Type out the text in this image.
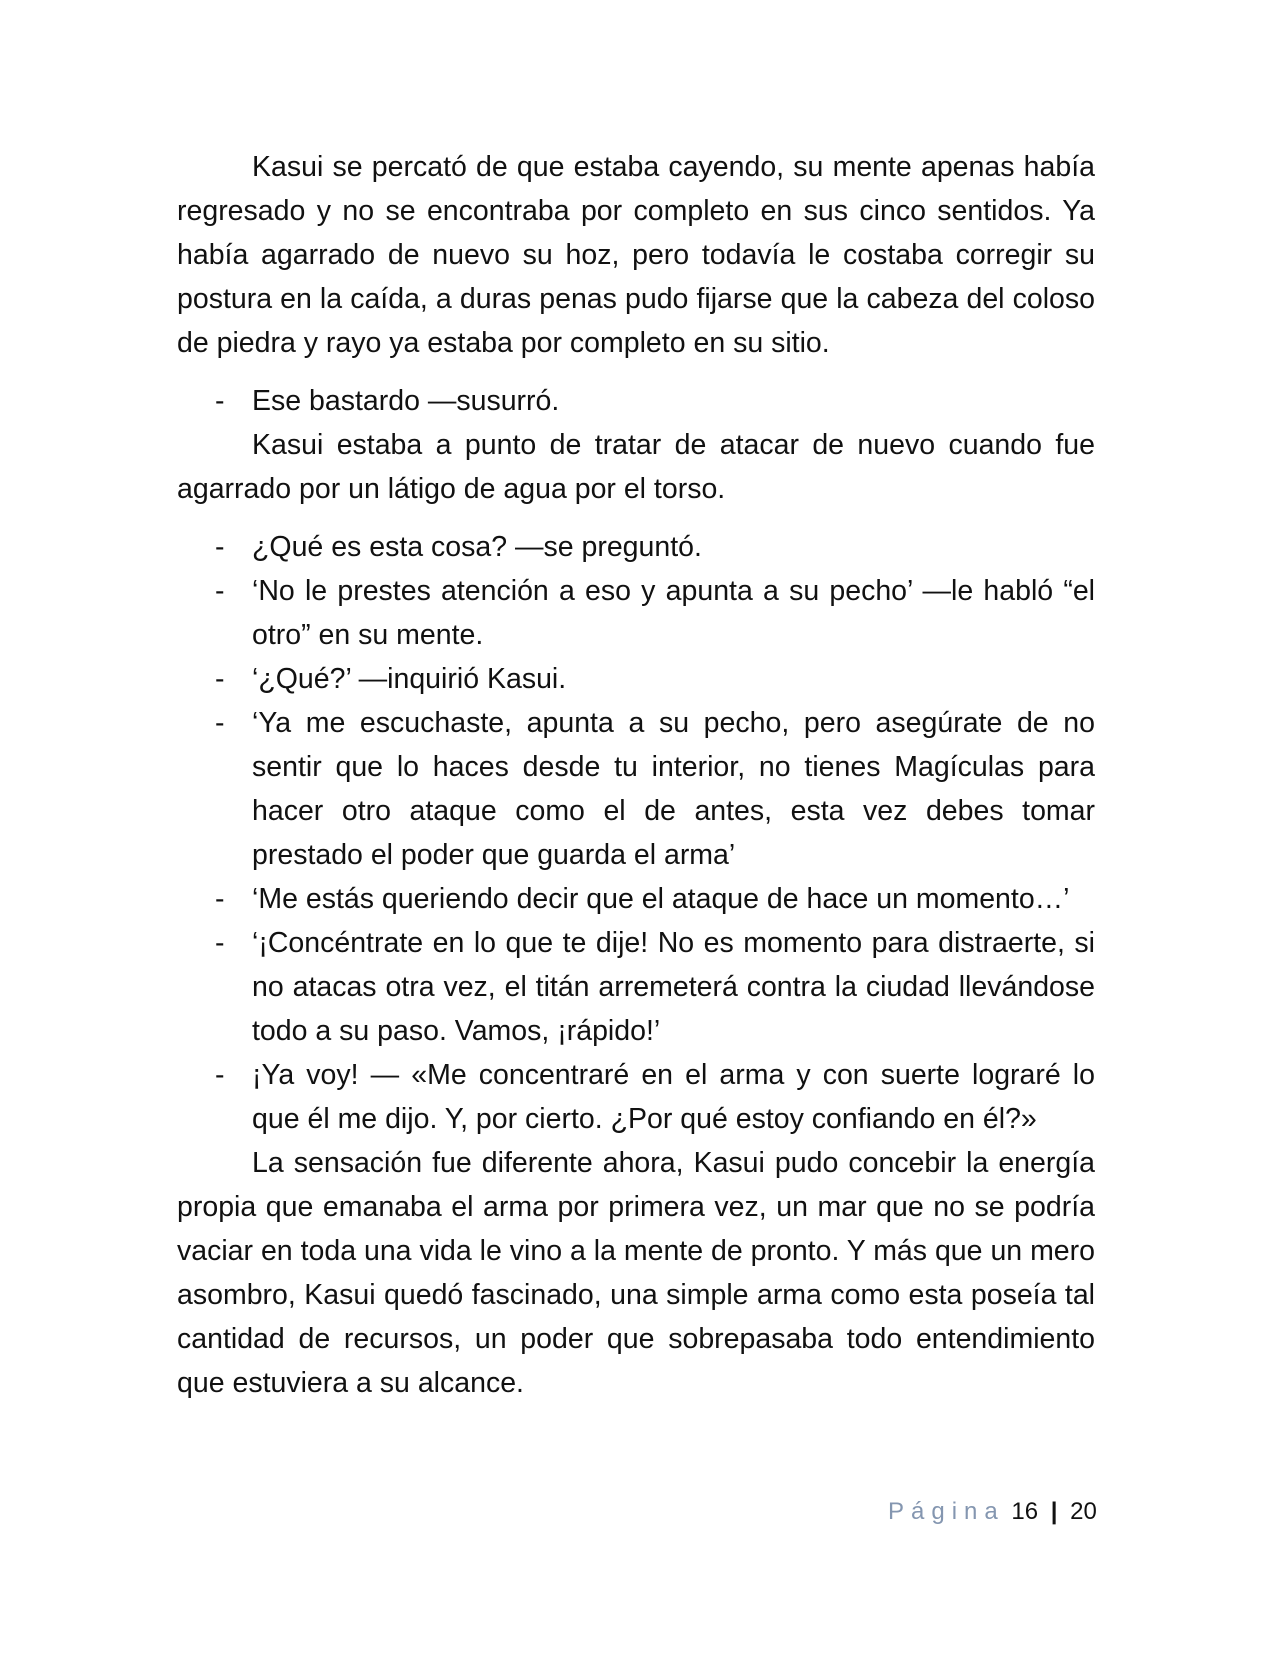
Kasui se percató de que estaba cayendo, su mente apenas había regresado y no se encontraba por completo en sus cinco sentidos. Ya había agarrado de nuevo su hoz, pero todavía le costaba corregir su postura en la caída, a duras penas pudo fijarse que la cabeza del coloso de piedra y rayo ya estaba por completo en su sitio.

- Ese bastardo —susurró.

Kasui estaba a punto de tratar de atacar de nuevo cuando fue agarrado por un látigo de agua por el torso.

- ¿Qué es esta cosa? —se preguntó.
- ‘No le prestes atención a eso y apunta a su pecho’ —le habló “el otro” en su mente.
- ‘¿Qué?’ —inquirió Kasui.
- ‘Ya me escuchaste, apunta a su pecho, pero asegúrate de no sentir que lo haces desde tu interior, no tienes Magículas para hacer otro ataque como el de antes, esta vez debes tomar prestado el poder que guarda el arma’
- ‘Me estás queriendo decir que el ataque de hace un momento…’
- ‘¡Concéntrate en lo que te dije! No es momento para distraerte, si no atacas otra vez, el titán arremeterá contra la ciudad llevándose todo a su paso. Vamos, ¡rápido!’
- ¡Ya voy! — «Me concentraré en el arma y con suerte lograré lo que él me dijo. Y, por cierto. ¿Por qué estoy confiando en él?»

La sensación fue diferente ahora, Kasui pudo concebir la energía propia que emanaba el arma por primera vez, un mar que no se podría vaciar en toda una vida le vino a la mente de pronto. Y más que un mero asombro, Kasui quedó fascinado, una simple arma como esta poseía tal cantidad de recursos, un poder que sobrepasaba todo entendimiento que estuviera a su alcance.

Página 16 | 20
